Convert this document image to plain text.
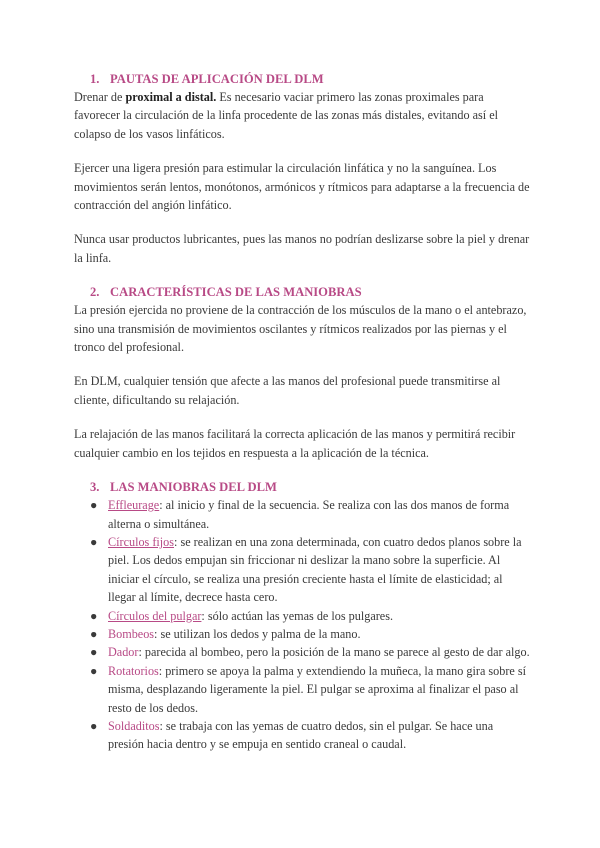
1. PAUTAS DE APLICACIÓN DEL DLM

Drenar de proximal a distal. Es necesario vaciar primero las zonas proximales para favorecer la circulación de la linfa procedente de las zonas más distales, evitando así el colapso de los vasos linfáticos.

Ejercer una ligera presión para estimular la circulación linfática y no la sanguínea. Los movimientos serán lentos, monótonos, armónicos y rítmicos para adaptarse a la frecuencia de contracción del angión linfático.

Nunca usar productos lubricantes, pues las manos no podrían deslizarse sobre la piel y drenar la linfa.

2. CARACTERÍSTICAS DE LAS MANIOBRAS

La presión ejercida no proviene de la contracción de los músculos de la mano o el antebrazo, sino una transmisión de movimientos oscilantes y rítmicos realizados por las piernas y el tronco del profesional.

En DLM, cualquier tensión que afecte a las manos del profesional puede transmitirse al cliente, dificultando su relajación.

La relajación de las manos facilitará la correcta aplicación de las manos y permitirá recibir cualquier cambio en los tejidos en respuesta a la aplicación de la técnica.

3. LAS MANIOBRAS DEL DLM
● Effleurage: al inicio y final de la secuencia. Se realiza con las dos manos de forma alterna o simultánea.
● Círculos fijos: se realizan en una zona determinada, con cuatro dedos planos sobre la piel. Los dedos empujan sin friccionar ni deslizar la mano sobre la superficie. Al iniciar el círculo, se realiza una presión creciente hasta el límite de elasticidad; al llegar al límite, decrece hasta cero.
● Círculos del pulgar: sólo actúan las yemas de los pulgares.
● Bombeos: se utilizan los dedos y palma de la mano.
● Dador: parecida al bombeo, pero la posición de la mano se parece al gesto de dar algo.
● Rotatorios: primero se apoya la palma y extendiendo la muñeca, la mano gira sobre sí misma, desplazando ligeramente la piel. El pulgar se aproxima al finalizar el paso al resto de los dedos.
● Soldaditos: se trabaja con las yemas de cuatro dedos, sin el pulgar. Se hace una presión hacia dentro y se empuja en sentido craneal o caudal.
